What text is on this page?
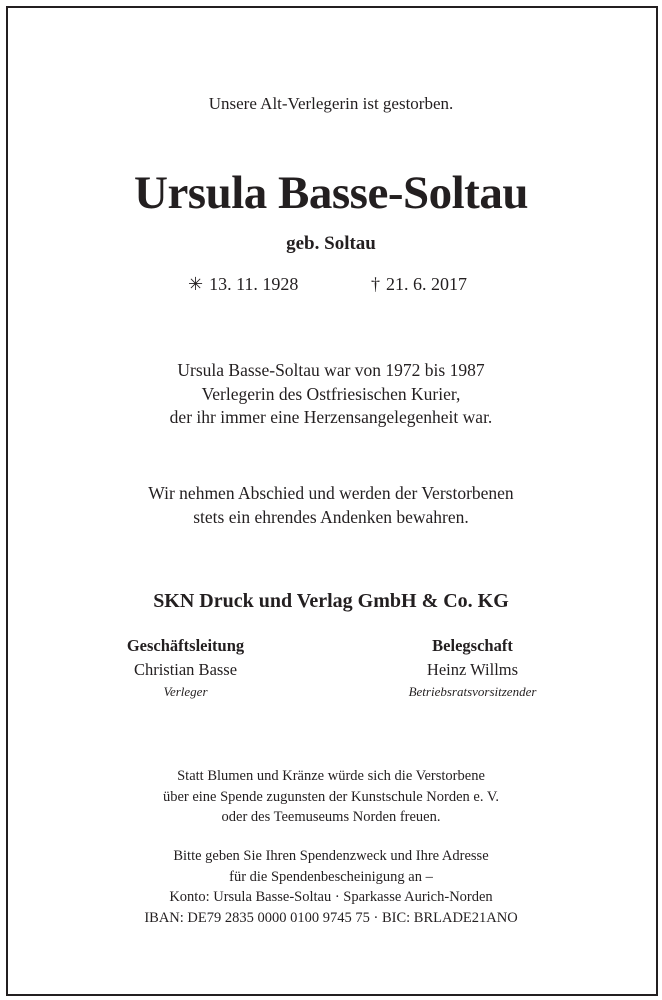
Unsere Alt-Verlegerin ist gestorben.
Ursula Basse-Soltau
geb. Soltau
✳ 13. 11. 1928	† 21. 6. 2017
Ursula Basse-Soltau war von 1972 bis 1987
Verlegerin des Ostfriesischen Kurier,
der ihr immer eine Herzensangelegenheit war.
Wir nehmen Abschied und werden der Verstorbenen
stets ein ehrendes Andenken bewahren.
SKN Druck und Verlag GmbH & Co. KG
Geschäftsleitung
Christian Basse
Verleger
Belegschaft
Heinz Willms
Betriebsratsvorsitzender
Statt Blumen und Kränze würde sich die Verstorbene
über eine Spende zugunsten der Kunstschule Norden e. V.
oder des Teemuseums Norden freuen.
Bitte geben Sie Ihren Spendenzweck und Ihre Adresse
für die Spendenbescheinigung an –
Konto: Ursula Basse-Soltau · Sparkasse Aurich-Norden
IBAN: DE79 2835 0000 0100 9745 75 · BIC: BRLADE21ANO
